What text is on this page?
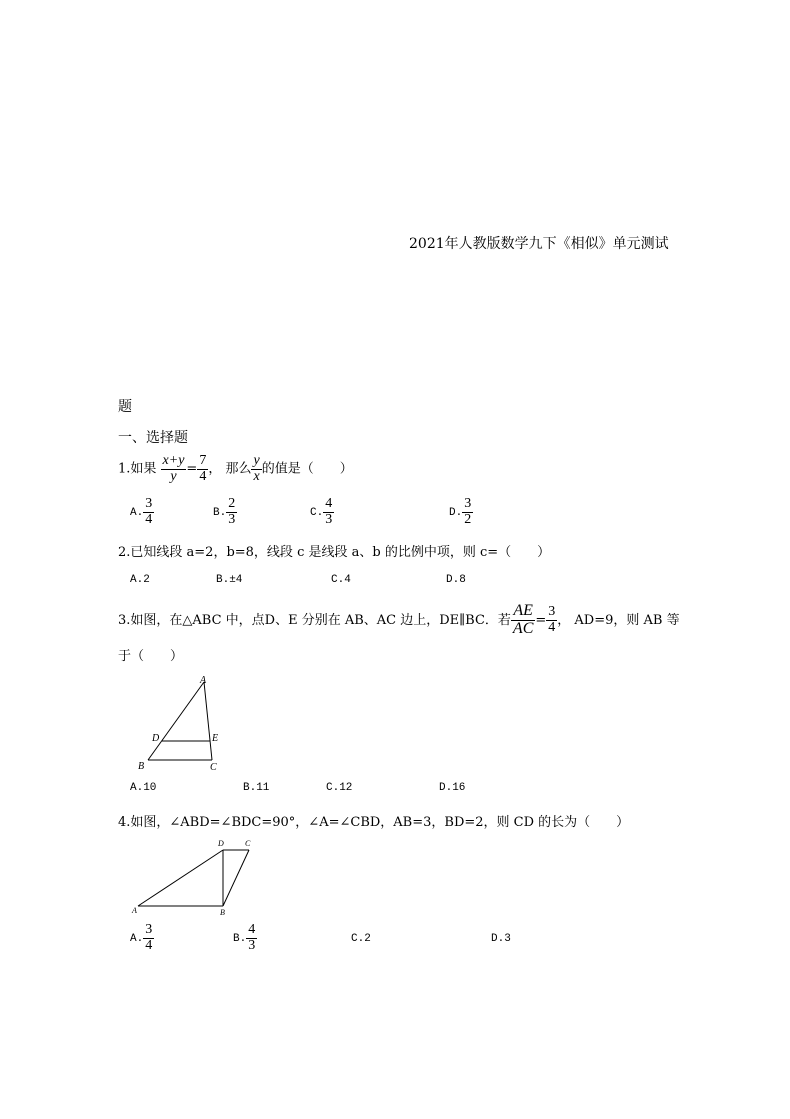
2021年人教版数学九下《相似》单元测试
题
一、选择题
1.如果 $\frac{x+y}{y} = \frac{7}{4}$ ， 那么 $\frac{y}{x}$ 的值是（　　）
A. $\frac{3}{4}$	B. $\frac{2}{3}$	C. $\frac{4}{3}$	D. $\frac{3}{2}$
2.已知线段 a=2，b=8，线段 c 是线段 a、b 的比例中项，则 c=（　　）
A.2	B.±4	C.4	D.8
3.如图，在△ABC 中，点D、E 分别在 AB、AC 边上，DE∥BC．若 $\frac{AE}{AC} = \frac{3}{4}$ ， AD=9，则 AB 等
于（　　）
A
D	E
B	C
A.10	B.11	C.12	D.16
4.如图，∠ABD=∠BDC=90°，∠A=∠CBD，AB=3，BD=2，则 CD 的长为（　　）
D	C
A	B
A. $\frac{3}{4}$	B. $\frac{4}{3}$	C.2	D.3
